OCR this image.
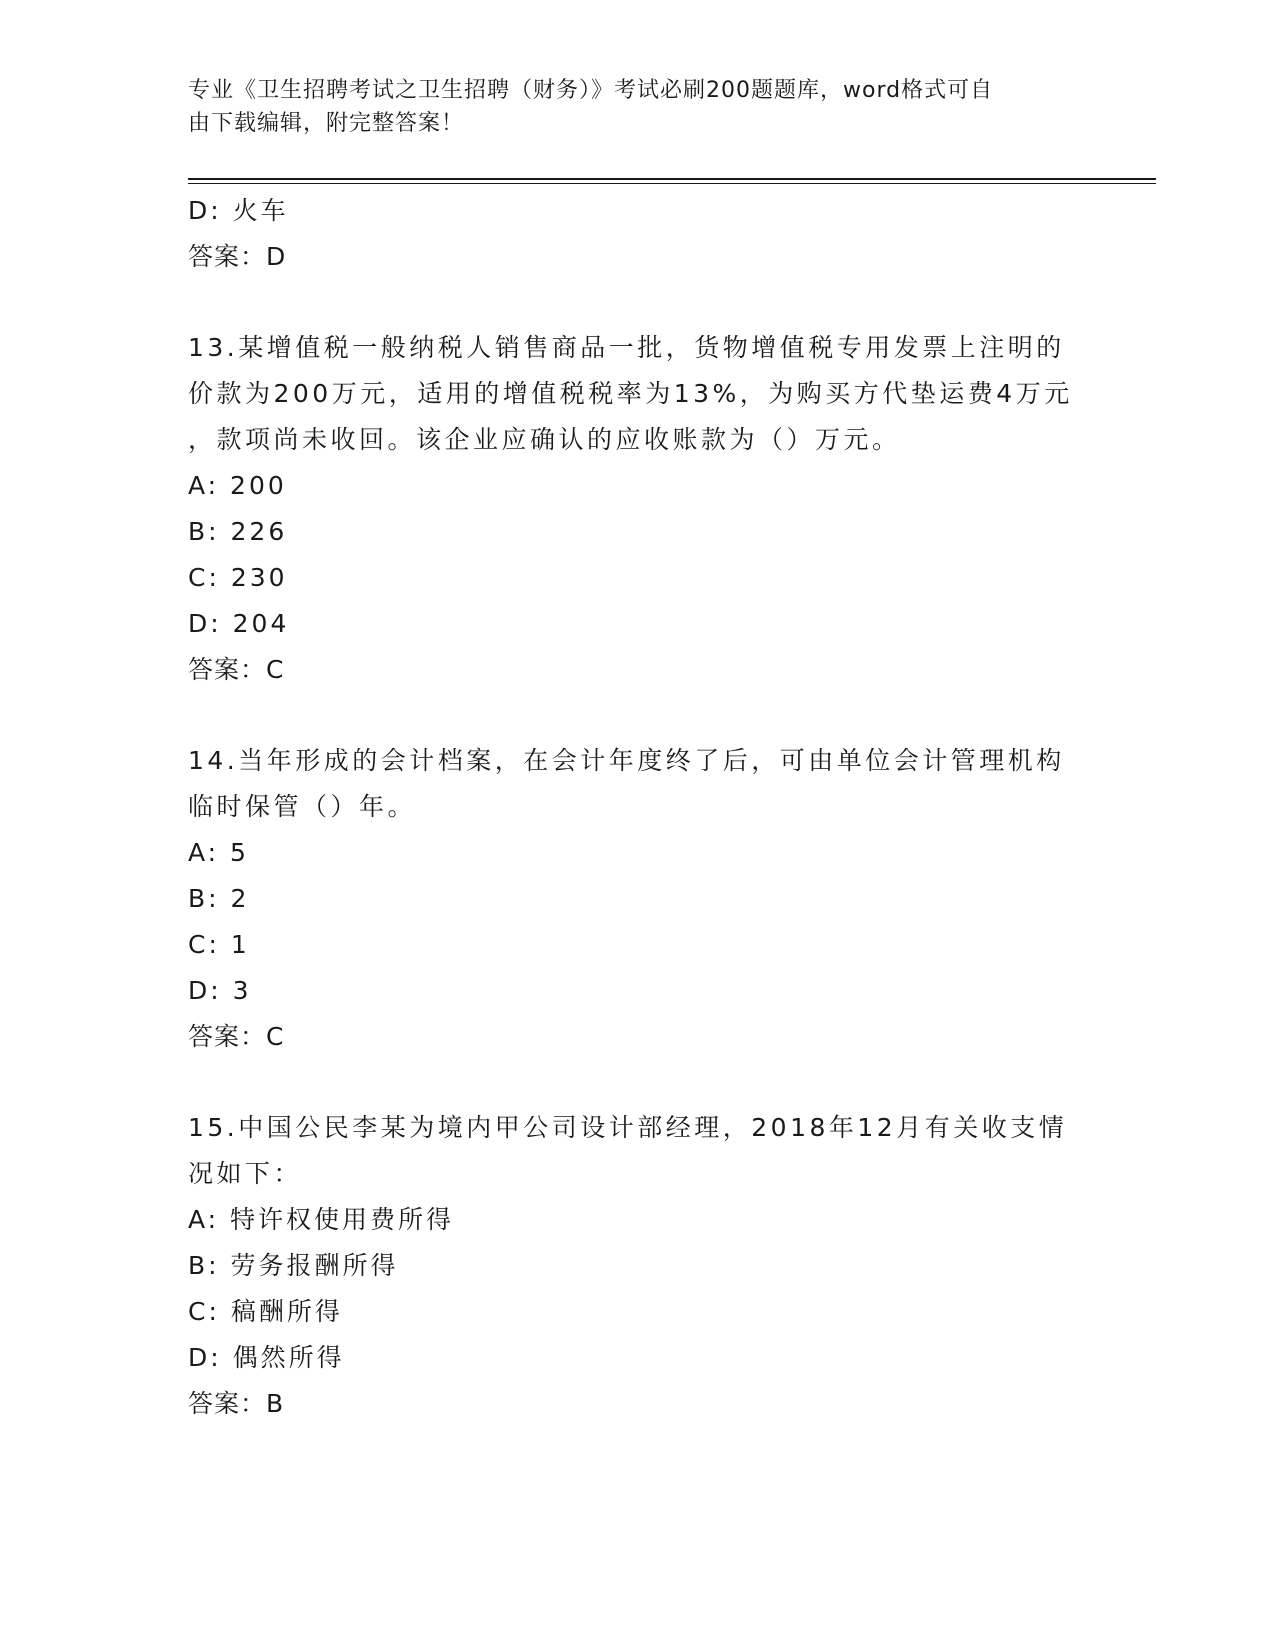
专业《卫生招聘考试之卫生招聘（财务）》考试必刷200题题库，word格式可自
由下载编辑，附完整答案！
D: 火车
答案：D
13.某增值税一般纳税人销售商品一批，货物增值税专用发票上注明的
价款为200万元，适用的增值税税率为13%，为购买方代垫运费4万元
，款项尚未收回。该企业应确认的应收账款为（）万元。
A: 200
B: 226
C: 230
D: 204
答案：C
14.当年形成的会计档案，在会计年度终了后，可由单位会计管理机构
临时保管（）年。
A: 5
B: 2
C: 1
D: 3
答案：C
15.中国公民李某为境内甲公司设计部经理，2018年12月有关收支情
况如下：
A: 特许权使用费所得
B: 劳务报酬所得
C: 稿酬所得
D: 偶然所得
答案：B
